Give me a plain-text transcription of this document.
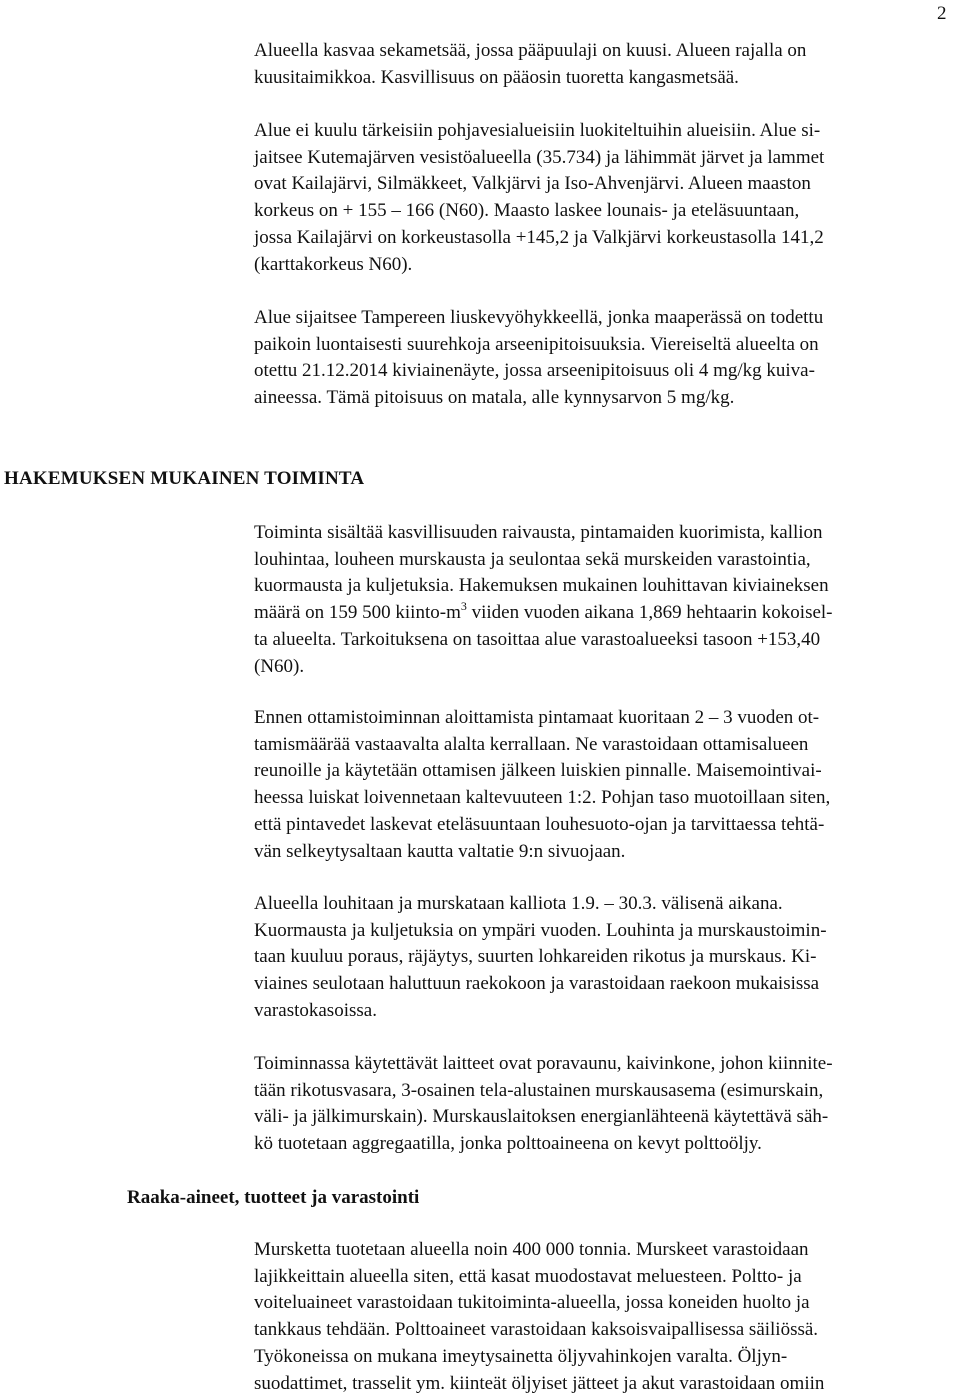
2

Alueella kasvaa sekametsää, jossa pääpuulaji on kuusi. Alueen rajalla on
kuusitaimikkoa. Kasvillisuus on pääosin tuoretta kangasmetsää.

Alue ei kuulu tärkeisiin pohjavesialueisiin luokiteltuihin alueisiin. Alue si-
jaitsee Kutemajärven vesistöalueella (35.734) ja lähimmät järvet ja lammet
ovat Kailajärvi, Silmäkkeet, Valkjärvi ja Iso-Ahvenjärvi. Alueen maaston
korkeus on + 155 – 166 (N60). Maasto laskee lounais- ja eteläsuuntaan,
jossa Kailajärvi on korkeustasolla +145,2 ja Valkjärvi korkeustasolla 141,2
(karttakorkeus N60).

Alue sijaitsee Tampereen liuskevyöhykkeellä, jonka maaperässä on todettu
paikoin luontaisesti suurehkoja arseenipitoisuuksia. Viereiseltä alueelta on
otettu 21.12.2014 kiviainenäyte, jossa arseenipitoisuus oli 4 mg/kg kuiva-
aineessa. Tämä pitoisuus on matala, alle kynnysarvon 5 mg/kg.

HAKEMUKSEN MUKAINEN TOIMINTA

Toiminta sisältää kasvillisuuden raivausta, pintamaiden kuorimista, kallion
louhintaa, louheen murskausta ja seulontaa sekä murskeiden varastointia,
kuormausta ja kuljetuksia. Hakemuksen mukainen louhittavan kiviaineksen
määrä on 159 500 kiinto-$m^3$ viiden vuoden aikana 1,869 hehtaarin kokoisel-
ta alueelta. Tarkoituksena on tasoittaa alue varastoalueeksi tasoon +153,40
(N60).

Ennen ottamistoiminnan aloittamista pintamaat kuoritaan 2 – 3 vuoden ot-
tamismäärää vastaavalta alalta kerrallaan. Ne varastoidaan ottamisalueen
reunoille ja käytetään ottamisen jälkeen luiskien pinnalle. Maisemointivai-
heessa luiskat loivennetaan kaltevuuteen 1:2. Pohjan taso muotoillaan siten,
että pintavedet laskevat eteläsuuntaan louhesuoto-ojan ja tarvittaessa tehtä-
vän selkeytysaltaan kautta valtatie 9:n sivuojaan.

Alueella louhitaan ja murskataan kalliota 1.9. – 30.3. välisenä aikana.
Kuormausta ja kuljetuksia on ympäri vuoden. Louhinta ja murskaustoimin-
taan kuuluu poraus, räjäytys, suurten lohkareiden rikotus ja murskaus. Ki-
viaines seulotaan haluttuun raekokoon ja varastoidaan raekoon mukaisissa
varastokasoissa.

Toiminnassa käytettävät laitteet ovat poravaunu, kaivinkone, johon kiinnite-
tään rikotusvasara, 3-osainen tela-alustainen murskausasema (esimurskain,
väli- ja jälkimurskain). Murskauslaitoksen energianlähteenä käytettävä säh-
kö tuotetaan aggregaatilla, jonka polttoaineena on kevyt polttoöljy.

Raaka-aineet, tuotteet ja varastointi

Mursketta tuotetaan alueella noin 400 000 tonnia. Murskeet varastoidaan
lajikkeittain alueella siten, että kasat muodostavat meluesteen. Poltto- ja
voiteluaineet varastoidaan tukitoiminta-alueella, jossa koneiden huolto ja
tankkaus tehdään. Polttoaineet varastoidaan kaksoisvaipallisessa säiliössä.
Työkoneissa on mukana imeytysainetta öljyvahinkojen varalta. Öljyn-
suodattimet, trasselit ym. kiinteät öljyiset jätteet ja akut varastoidaan omiin
